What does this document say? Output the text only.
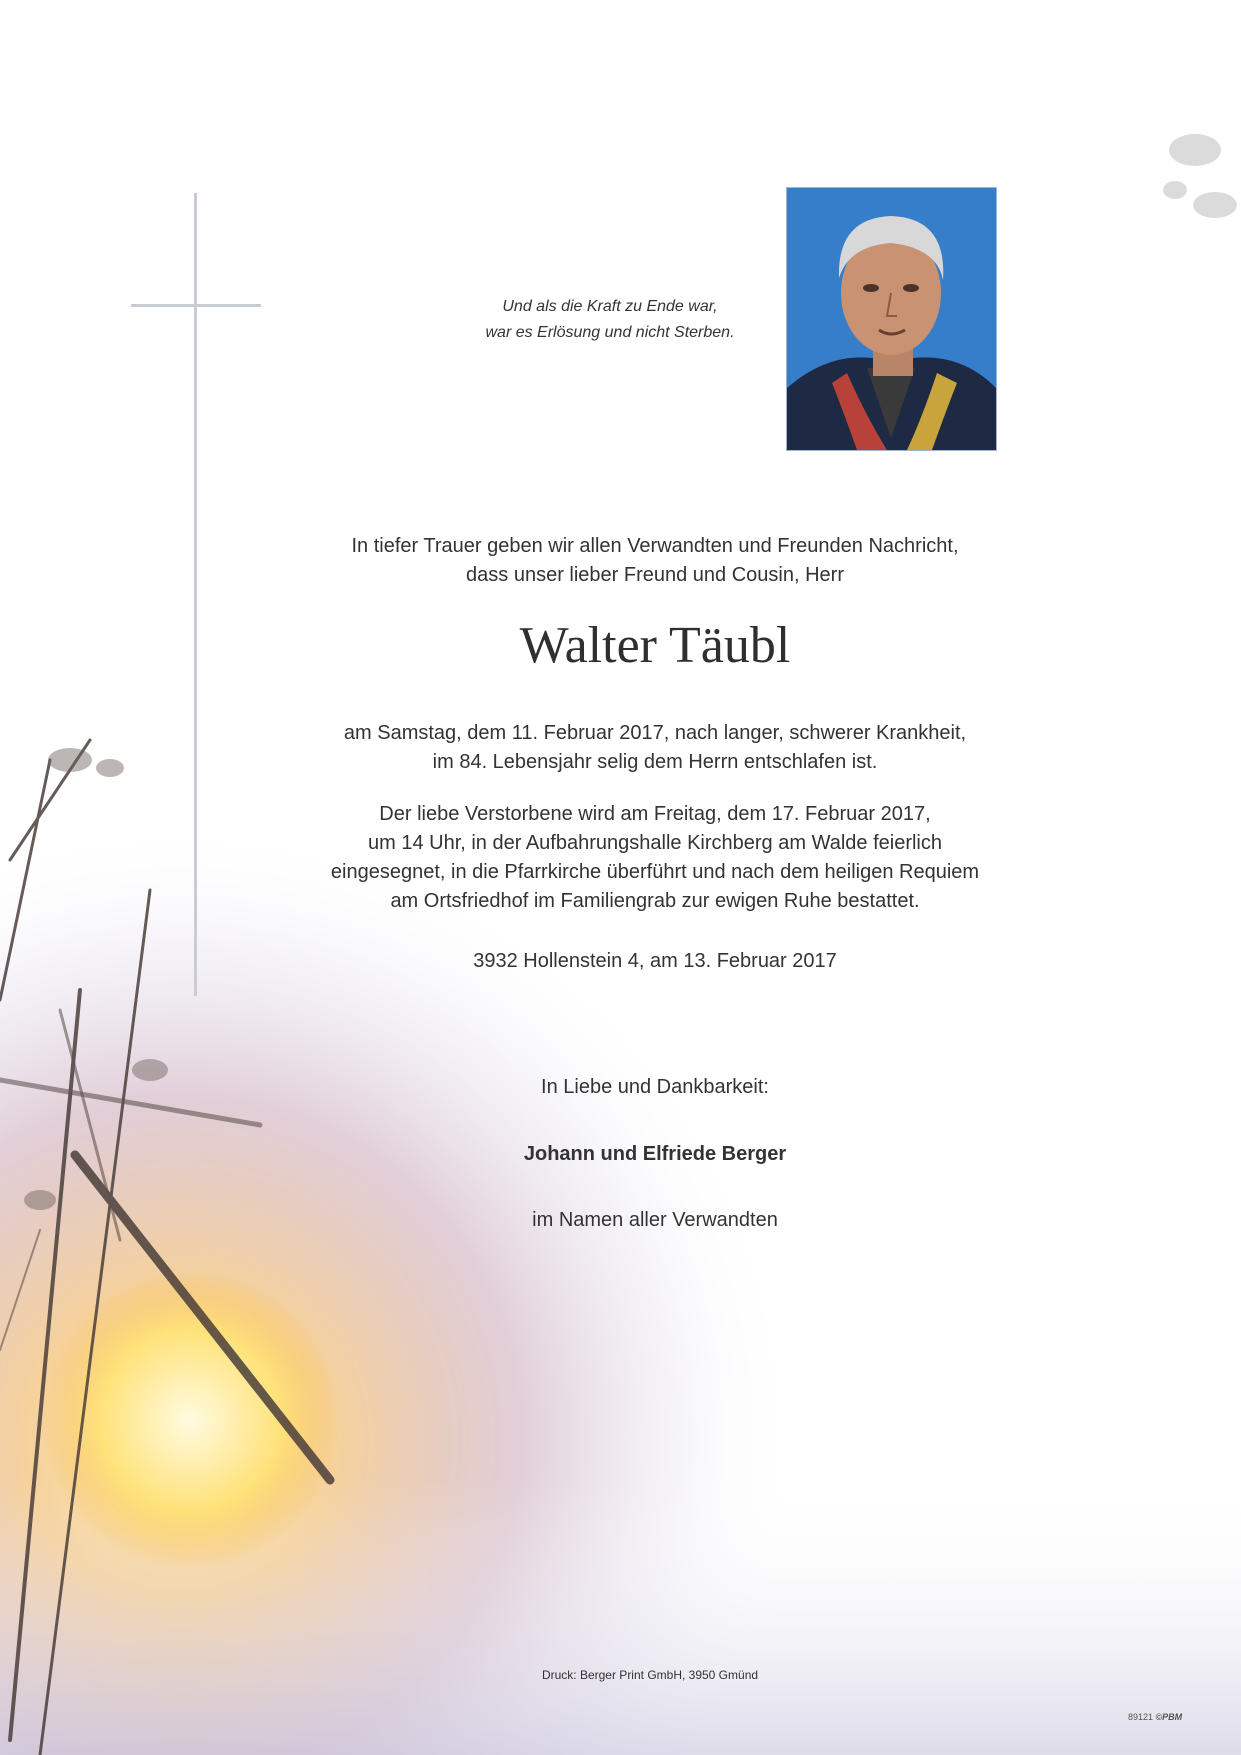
Und als die Kraft zu Ende war,
war es Erlösung und nicht Sterben.
In tiefer Trauer geben wir allen Verwandten und Freunden Nachricht,
dass unser lieber Freund und Cousin, Herr
Walter Täubl
am Samstag, dem 11. Februar 2017, nach langer, schwerer Krankheit,
im 84. Lebensjahr selig dem Herrn entschlafen ist.
Der liebe Verstorbene wird am Freitag, dem 17. Februar 2017,
um 14 Uhr, in der Aufbahrungshalle Kirchberg am Walde feierlich
eingesegnet, in die Pfarrkirche überführt und nach dem heiligen Requiem
am Ortsfriedhof im Familiengrab zur ewigen Ruhe bestattet.
3932 Hollenstein 4, am 13. Februar 2017
In Liebe und Dankbarkeit:
Johann und Elfriede Berger
im Namen aller Verwandten
Druck: Berger Print GmbH, 3950 Gmünd
89121 ©PBM
